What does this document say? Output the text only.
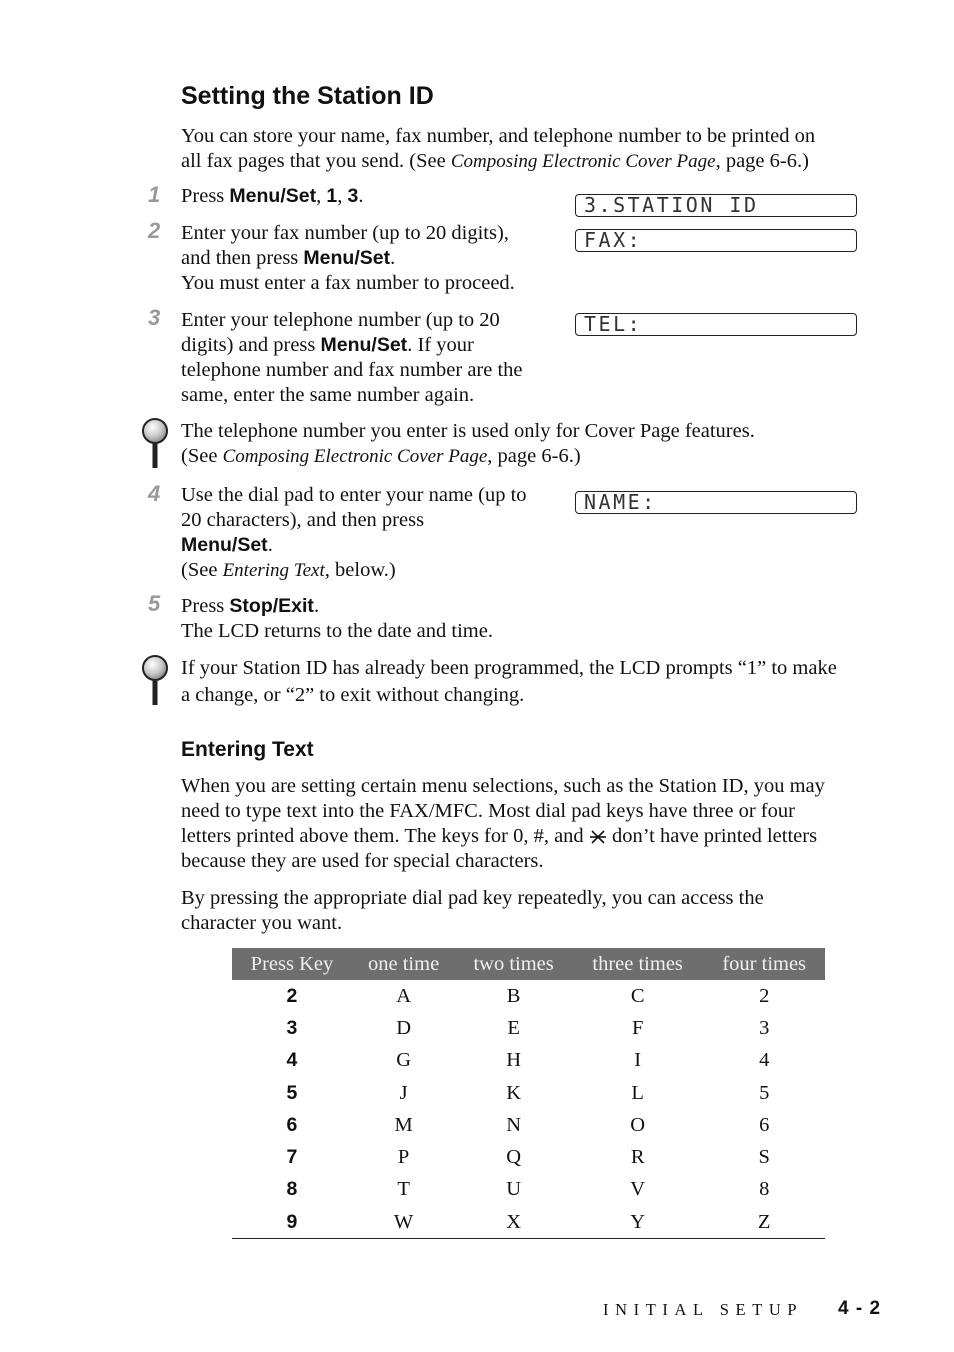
Setting the Station ID

You can store your name, fax number, and telephone number to be printed on

all fax pages that you send. (See Composing Electronic Cover Page, page 6-6.)

1 Press Menu/Set, 1, 3.	3.STATION ID
2 Enter your fax number (up to 20 digits),

and then press Menu/Set.

You must enter a fax number to proceed.

FAX:
3 Enter your telephone number (up to 20

digits) and press Menu/Set. If your

telephone number and fax number are the

same, enter the same number again.

TEL:

The telephone number you enter is used only for Cover Page features.

(See Composing Electronic Cover Page, page 6-6.)

4 Use the dial pad to enter your name (up to

20 characters), and then press

Menu/Set.

(See Entering Text, below.)

NAME:
5 Press Stop/Exit.

The LCD returns to the date and time.

If your Station ID has already been programmed, the LCD prompts “1” to make

a change, or “2” to exit without changing.

Entering Text

When you are setting certain menu selections, such as the Station ID, you may

need to type text into the FAX/MFC. Most dial pad keys have three or four

letters printed above them. The keys for 0, #, and  don’t have printed letters

because they are used for special characters.

By pressing the appropriate dial pad key repeatedly, you can access the

character you want.

Press Key	one time	two times	three times	four times
2	A	B	C	2
3	D	E	F	3
4	G	H	I	4
5	J	K	L	5
6	M	N	O	6
7	P	Q	R	S
8	T	U	V	8
9	W	X	Y	Z
INITIAL SETUP 4 - 2
